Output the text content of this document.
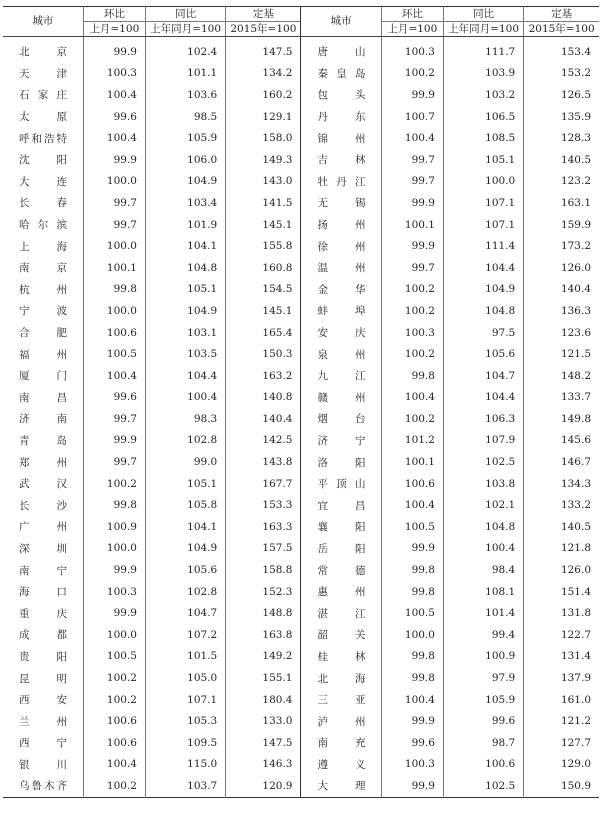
城市	环比	同比	定基	城市	环比	同比	定基
	上月=100	上年同月=100	2015年=100		上月=100	上年同月=100	2015年=100
北京	99.9	102.4	147.5	唐山	100.3	111.7	153.4
天津	100.3	101.1	134.2	秦皇岛	100.2	103.9	153.2
石家庄	100.4	103.6	160.2	包头	99.9	103.2	126.5
太原	99.6	98.5	129.1	丹东	100.7	106.5	135.9
呼和浩特	100.4	105.9	158.0	锦州	100.4	108.5	128.3
沈阳	99.9	106.0	149.3	吉林	99.7	105.1	140.5
大连	100.0	104.9	143.0	牡丹江	99.7	100.0	123.2
长春	99.7	103.4	141.5	无锡	99.9	107.1	163.1
哈尔滨	99.7	101.9	145.1	扬州	100.1	107.1	159.9
上海	100.0	104.1	155.8	徐州	99.9	111.4	173.2
南京	100.1	104.8	160.8	温州	99.7	104.4	126.0
杭州	99.8	105.1	154.5	金华	100.2	104.9	140.4
宁波	100.0	104.9	145.1	蚌埠	100.2	104.8	136.3
合肥	100.6	103.1	165.4	安庆	100.3	97.5	123.6
福州	100.5	103.5	150.3	泉州	100.2	105.6	121.5
厦门	100.4	104.4	163.2	九江	99.8	104.7	148.2
南昌	99.6	100.4	140.8	赣州	100.4	104.4	133.7
济南	99.7	98.3	140.4	烟台	100.2	106.3	149.8
青岛	99.9	102.8	142.5	济宁	101.2	107.9	145.6
郑州	99.7	99.0	143.8	洛阳	100.1	102.5	146.7
武汉	100.2	105.1	167.7	平顶山	100.6	103.8	134.3
长沙	99.8	105.8	153.3	宜昌	100.4	102.1	133.2
广州	100.9	104.1	163.3	襄阳	100.5	104.8	140.5
深圳	100.0	104.9	157.5	岳阳	99.9	100.4	121.8
南宁	99.9	105.6	158.8	常德	99.8	98.4	126.0
海口	100.3	102.8	152.3	惠州	99.8	108.1	151.4
重庆	99.9	104.7	148.8	湛江	100.5	101.4	131.8
成都	100.0	107.2	163.8	韶关	100.0	99.4	122.7
贵阳	100.5	101.5	149.2	桂林	99.8	100.9	131.4
昆明	100.2	105.0	155.1	北海	99.8	97.9	137.9
西安	100.2	107.1	180.4	三亚	100.4	105.9	161.0
兰州	100.6	105.3	133.0	泸州	99.9	99.6	121.2
西宁	100.6	109.5	147.5	南充	99.6	98.7	127.7
银川	100.4	115.0	146.3	遵义	100.3	100.6	129.0
乌鲁木齐	100.2	103.7	120.9	大理	99.9	102.5	150.9
